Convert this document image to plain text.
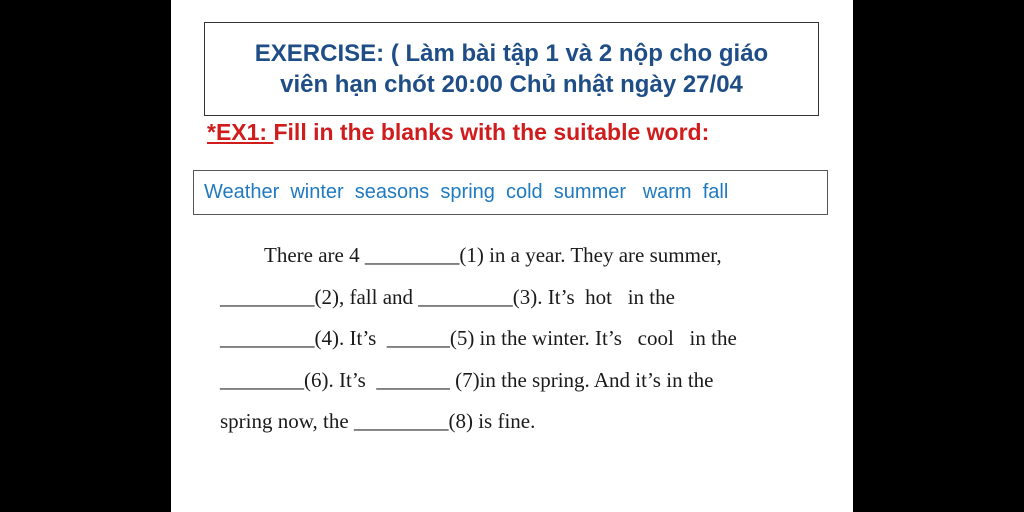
EXERCISE: ( Làm bài tập 1 và 2 nộp cho giáo
viên hạn chót 20:00 Chủ nhật ngày 27/04
*EX1: Fill in the blanks with the suitable word:
Weather  winter  seasons  spring  cold  summer   warm  fall
There are 4 _________(1) in a year. They are summer,
_________(2), fall and _________(3). It’s  hot   in the
_________(4). It’s  ______(5) in the winter. It’s   cool   in the
________(6). It’s  _______ (7)in the spring. And it’s in the
spring now, the _________(8) is fine.
